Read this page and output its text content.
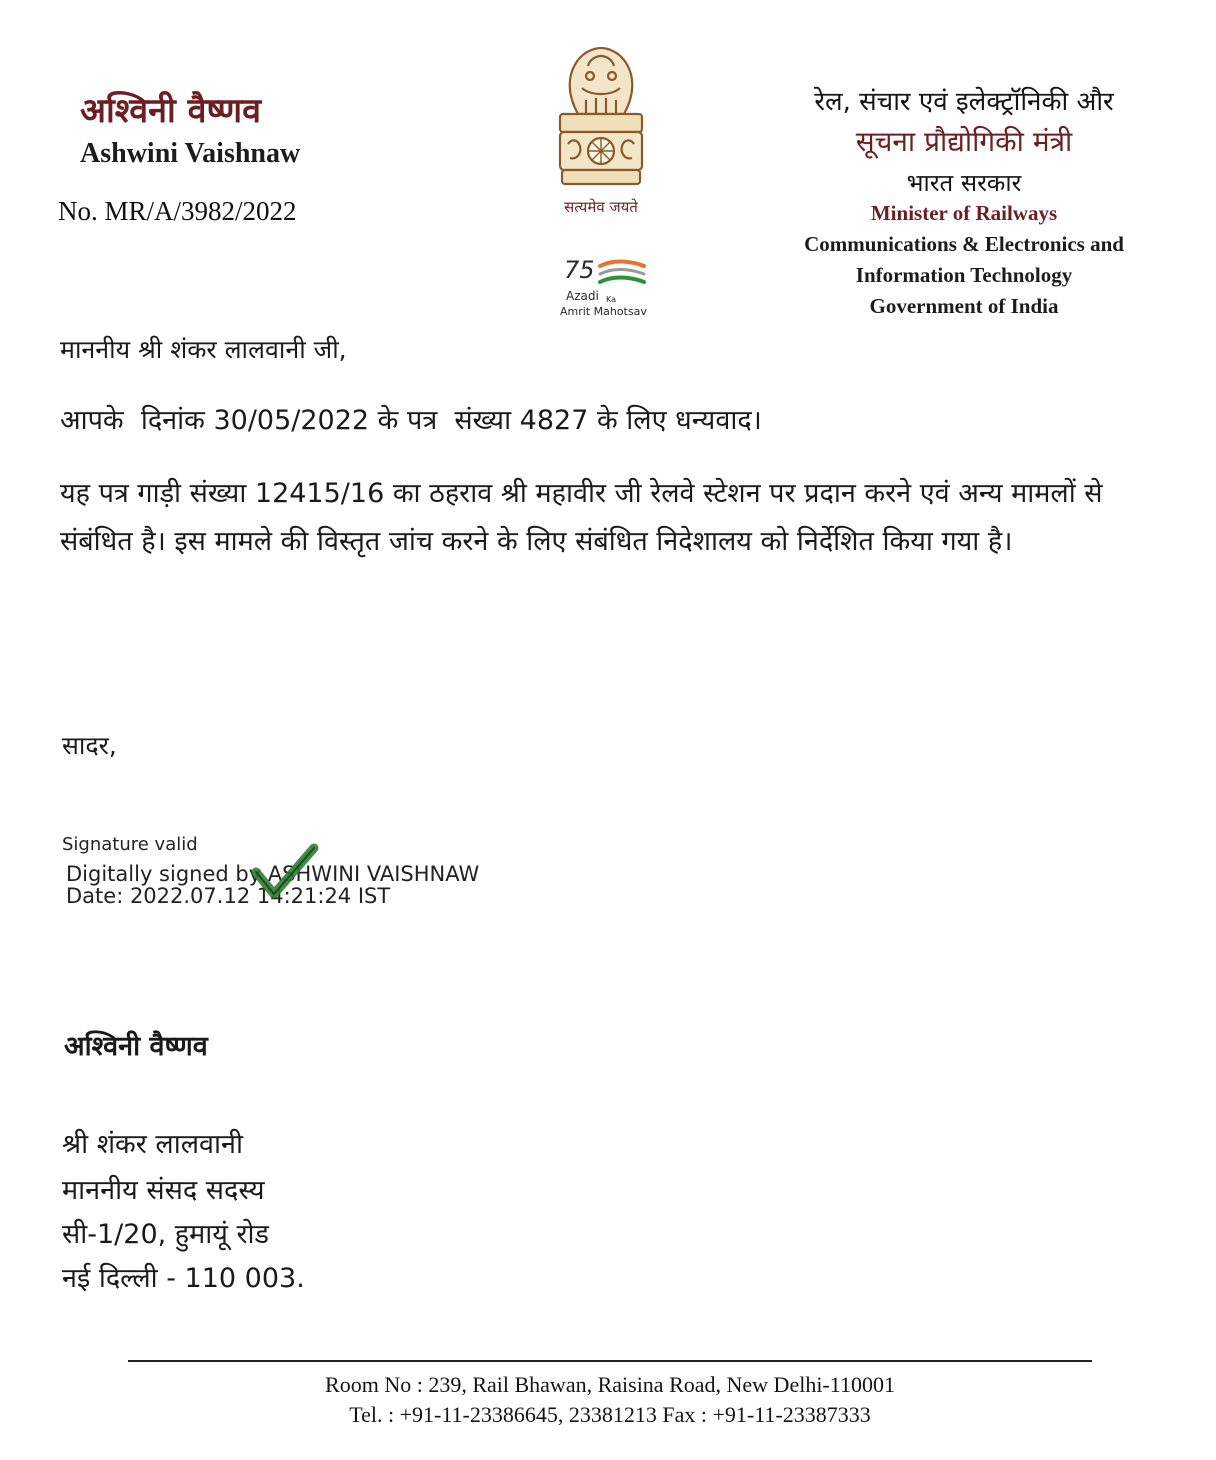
अश्विनी वैष्णव
Ashwini Vaishnaw
No. MR/A/3982/2022	सत्यमेव जयते
75
Azadi Ka
Amrit Mahotsav
रेल, संचार एवं इलेक्ट्रॉनिकी और
सूचना प्रौद्योगिकी मंत्री
भारत सरकार
Minister of Railways
Communications & Electronics and
Information Technology
Government of India
माननीय श्री शंकर लालवानी जी,
आपके  दिनांक 30/05/2022 के पत्र  संख्या 4827 के लिए धन्यवाद।
यह पत्र गाड़ी संख्या 12415/16 का ठहराव श्री महावीर जी रेलवे स्टेशन पर प्रदान करने एवं अन्य मामलों से संबंधित है। इस मामले की विस्तृत जांच करने के लिए संबंधित निदेशालय को निर्देशित किया गया है।
सादर,
Signature valid
Digitally signed by ASHWINI VAISHNAW
Date: 2022.07.12 14:21:24 IST
अश्विनी वैष्णव
श्री शंकर लालवानी
माननीय संसद सदस्य
सी-1/20, हुमायूं रोड
नई दिल्ली - 110 003.
Room No : 239, Rail Bhawan, Raisina Road, New Delhi-110001
Tel. : +91-11-23386645, 23381213 Fax : +91-11-23387333
